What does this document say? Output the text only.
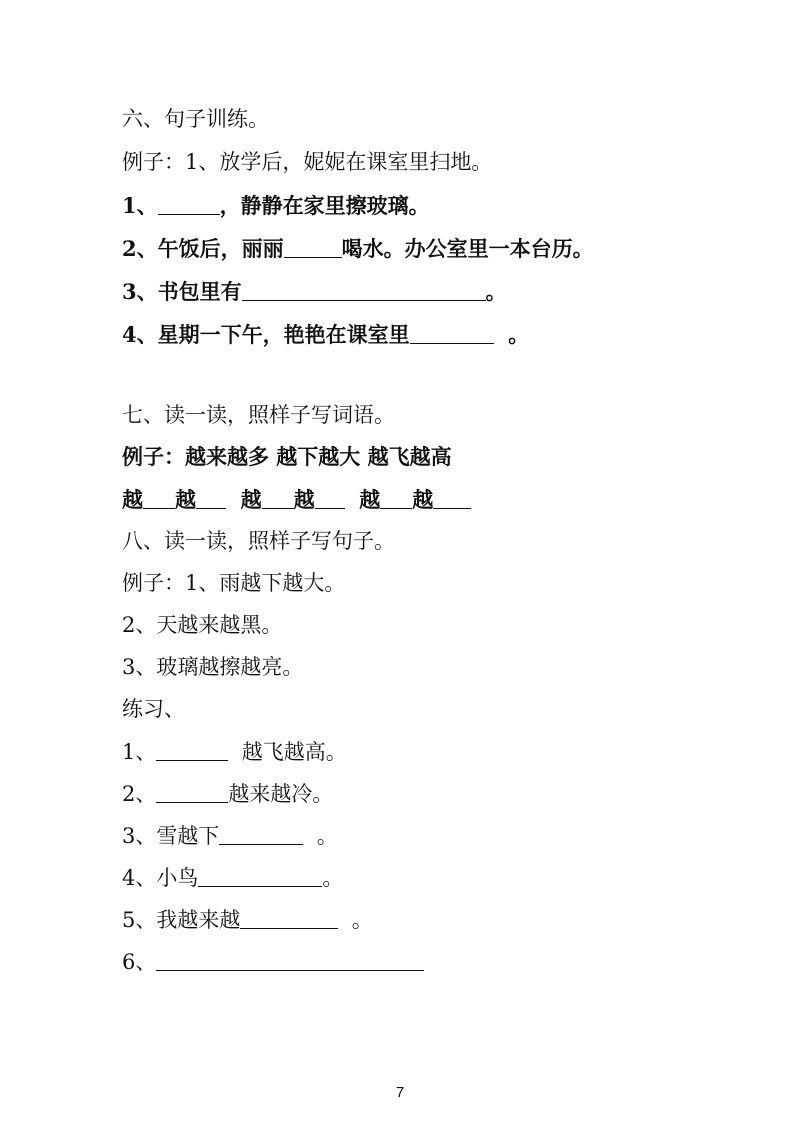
六、句子训练。
例子：1、放学后，妮妮在课室里扫地。
1、	，静静在家里擦玻璃。
2、午饭后，丽丽	喝水。办公室里一本台历。
3、书包里有	。
4、星期一下午，艳艳在课室里	。
七、读一读，照样子写词语。
例子：越来越多 越下越大 越飞越高
越 越 越 越 越 越
八、读一读，照样子写句子。
例子：1、雨越下越大。
2、天越来越黑。
3、玻璃越擦越亮。
练习、
1、	越飞越高。
2、	越来越冷。
3、雪越下	。
4、小鸟	。
5、我越来越	。
6、
7
